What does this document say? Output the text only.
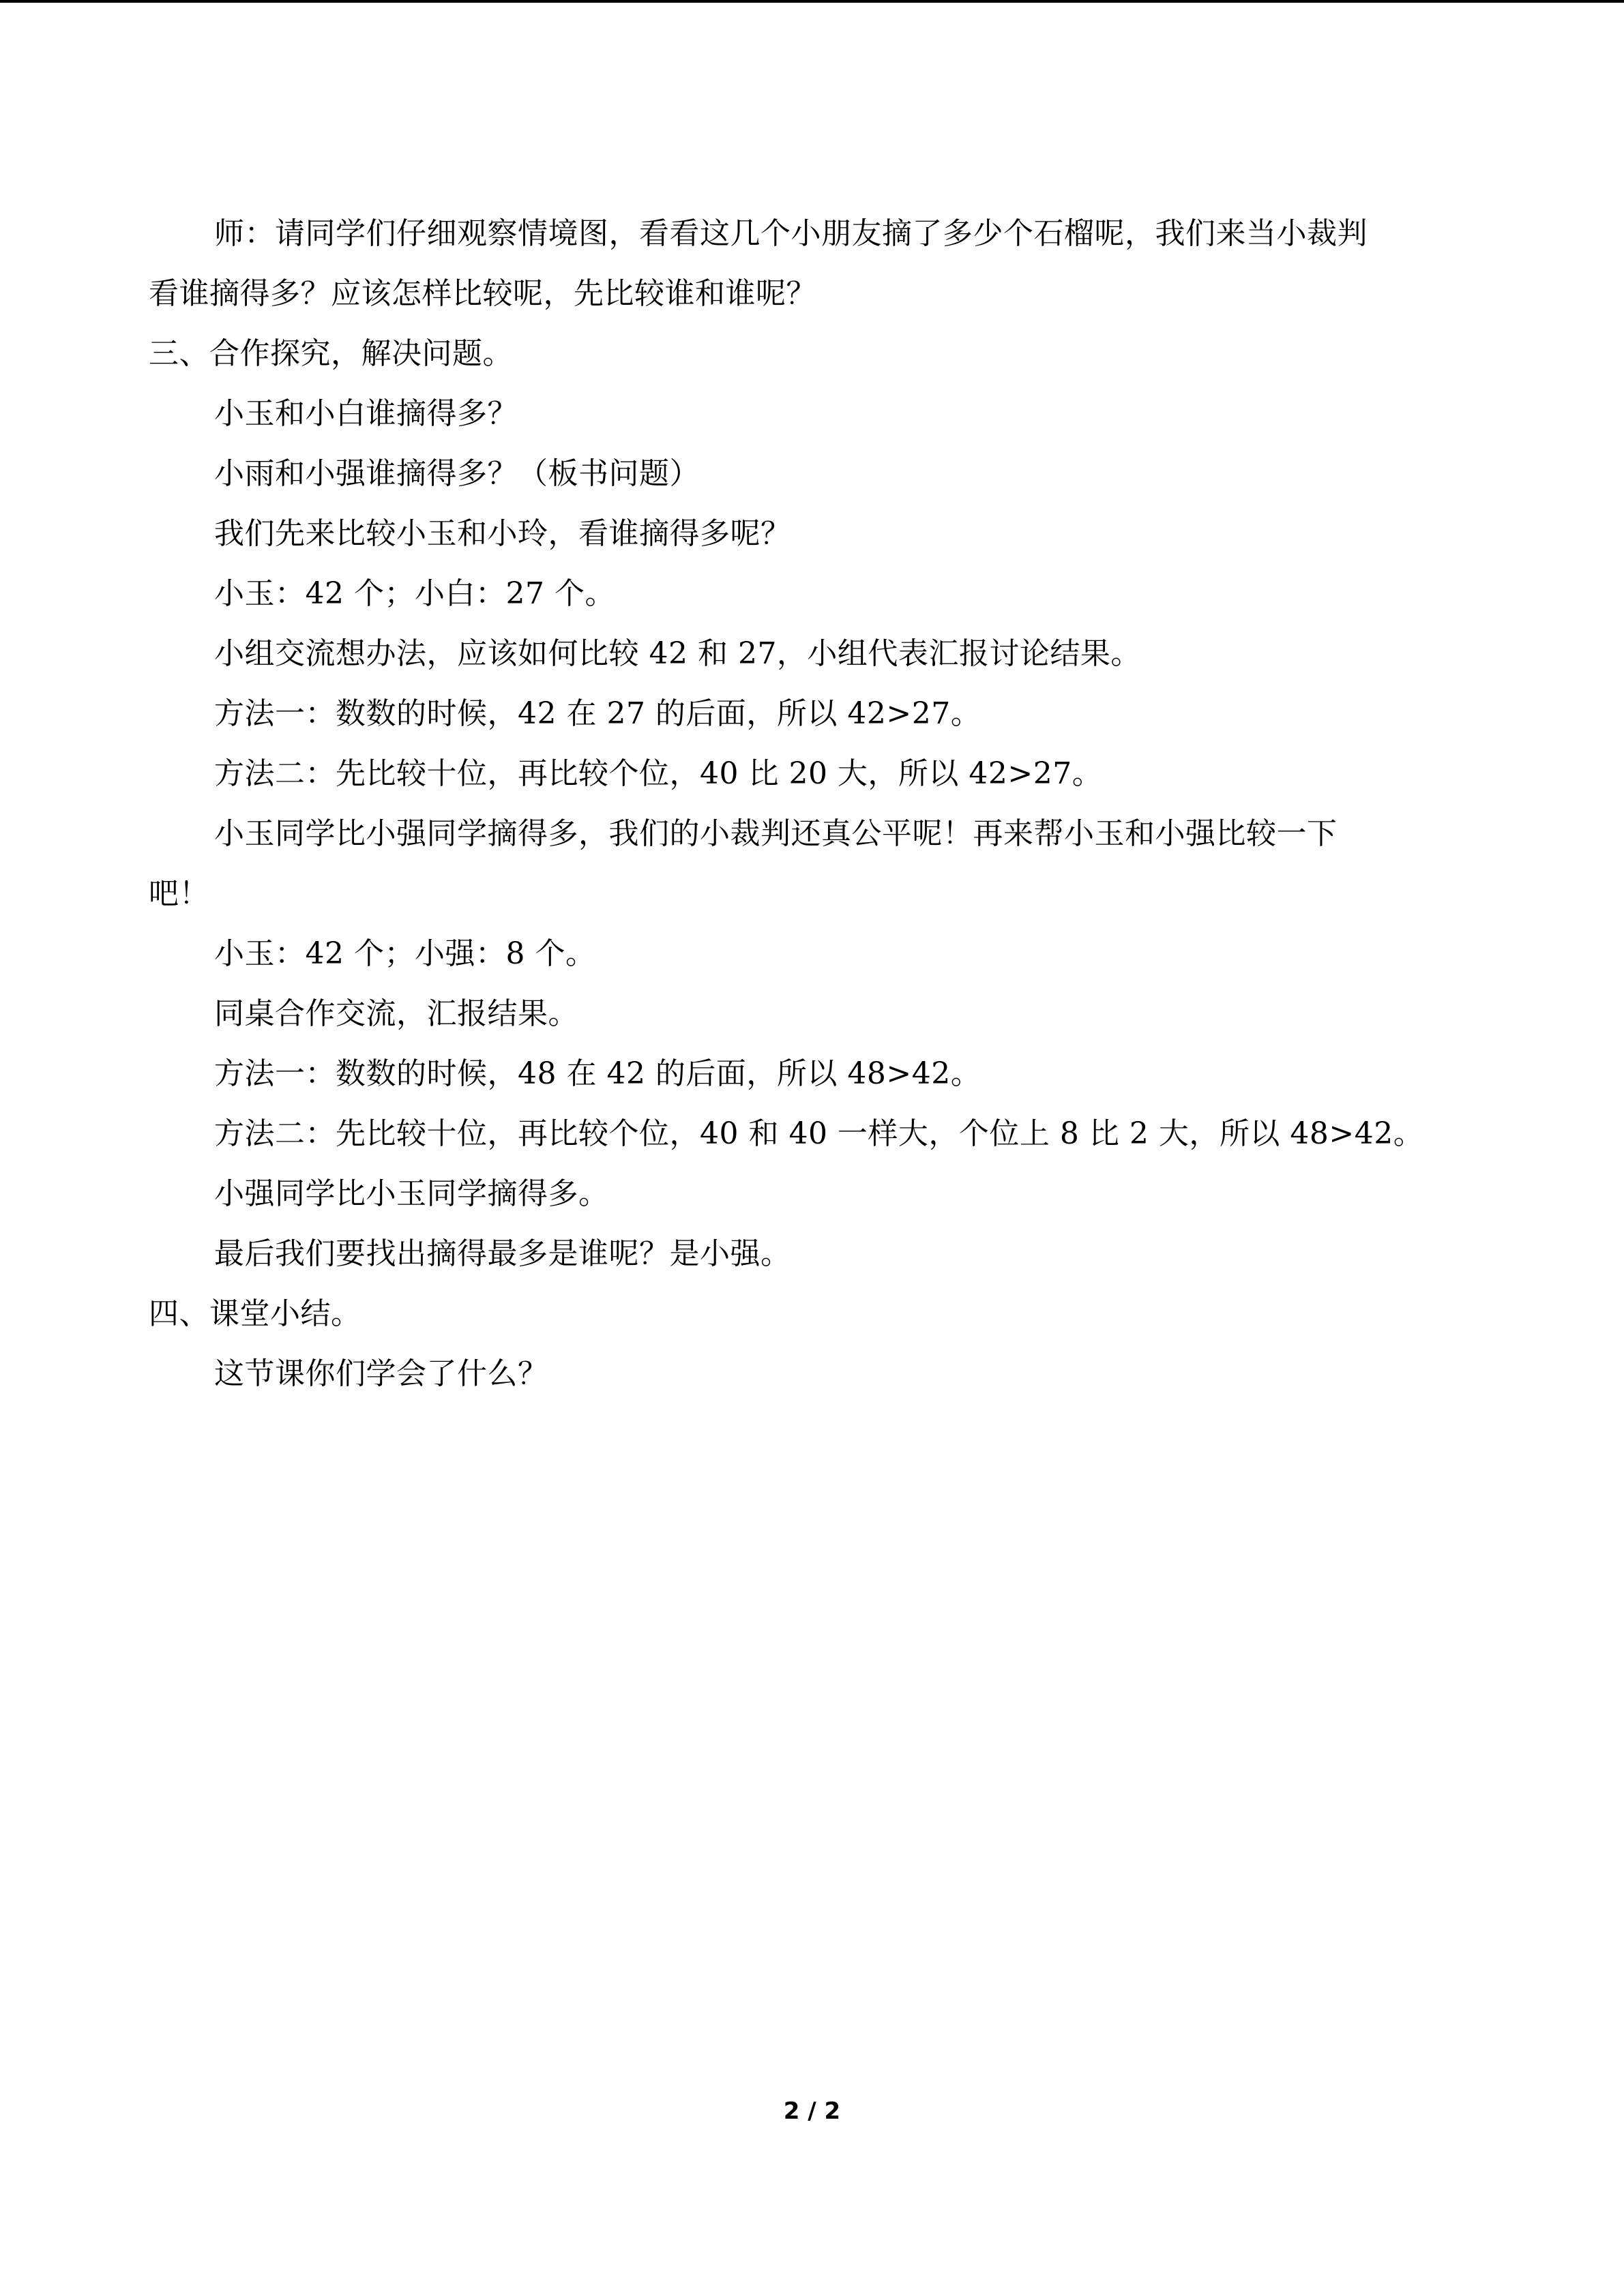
师：请同学们仔细观察情境图，看看这几个小朋友摘了多少个石榴呢，我们来当小裁判
看谁摘得多？应该怎样比较呢，先比较谁和谁呢？
三、合作探究，解决问题。
小玉和小白谁摘得多？
小雨和小强谁摘得多？（板书问题）
我们先来比较小玉和小玲，看谁摘得多呢？
小玉：42 个；小白：27 个。
小组交流想办法，应该如何比较 42 和 27，小组代表汇报讨论结果。
方法一：数数的时候，42 在 27 的后面，所以 42>27。
方法二：先比较十位，再比较个位，40 比 20 大，所以 42>27。
小玉同学比小强同学摘得多，我们的小裁判还真公平呢！再来帮小玉和小强比较一下
吧！
小玉：42 个；小强：8 个。
同桌合作交流，汇报结果。
方法一：数数的时候，48 在 42 的后面，所以 48>42。
方法二：先比较十位，再比较个位，40 和 40 一样大，个位上 8 比 2 大，所以 48>42。
小强同学比小玉同学摘得多。
最后我们要找出摘得最多是谁呢？是小强。
四、课堂小结。
这节课你们学会了什么？
2 / 2
